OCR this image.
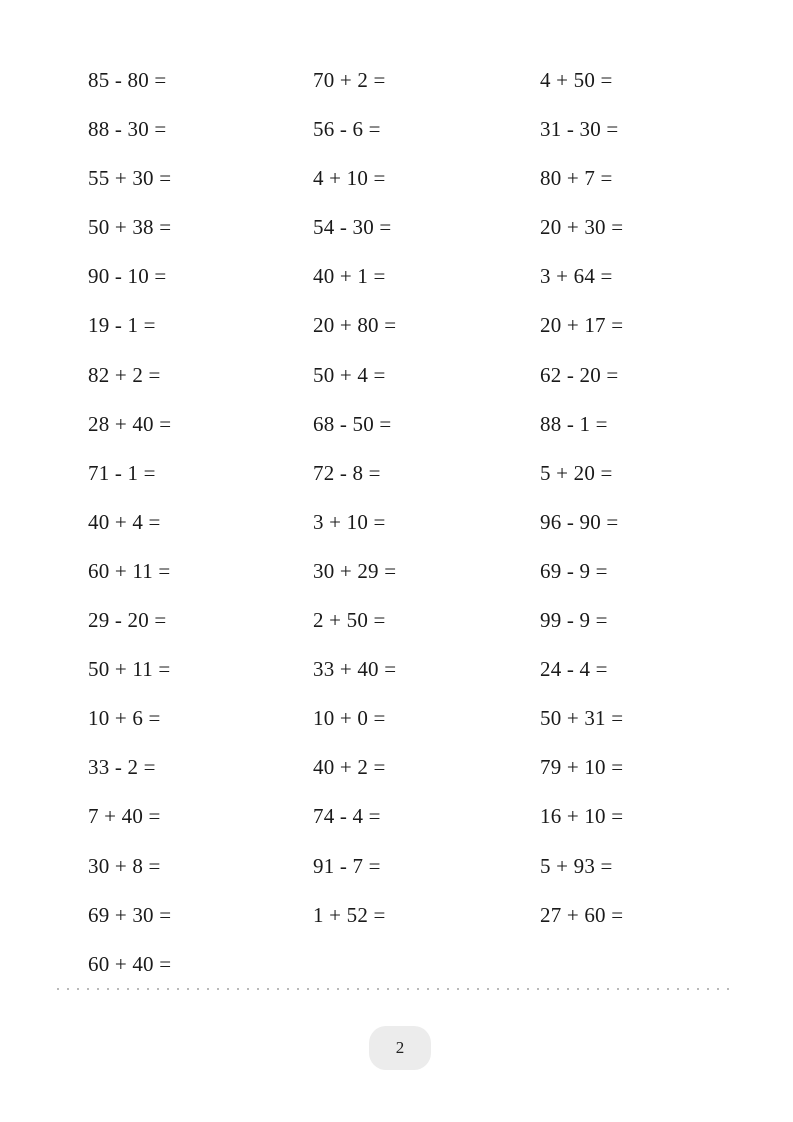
85 - 80 =	70 + 2 =	4 + 50 =
88 - 30 =	56 - 6 =	31 - 30 =
55 + 30 =	4 + 10 =	80 + 7 =
50 + 38 =	54 - 30 =	20 + 30 =
90 - 10 =	40 + 1 =	3 + 64 =
19 - 1 =	20 + 80 =	20 + 17 =
82 + 2 =	50 + 4 =	62 - 20 =
28 + 40 =	68 - 50 =	88 - 1 =
71 - 1 =	72 - 8 =	5 + 20 =
40 + 4 =	3 + 10 =	96 - 90 =
60 + 11 =	30 + 29 =	69 - 9 =
29 - 20 =	2 + 50 =	99 - 9 =
50 + 11 =	33 + 40 =	24 - 4 =
10 + 6 =	10 + 0 =	50 + 31 =
33 - 2 =	40 + 2 =	79 + 10 =
7 + 40 =	74 - 4 =	16 + 10 =
30 + 8 =	91 - 7 =	5 + 93 =
69 + 30 =	1 + 52 =	27 + 60 =
60 + 40 =
2
